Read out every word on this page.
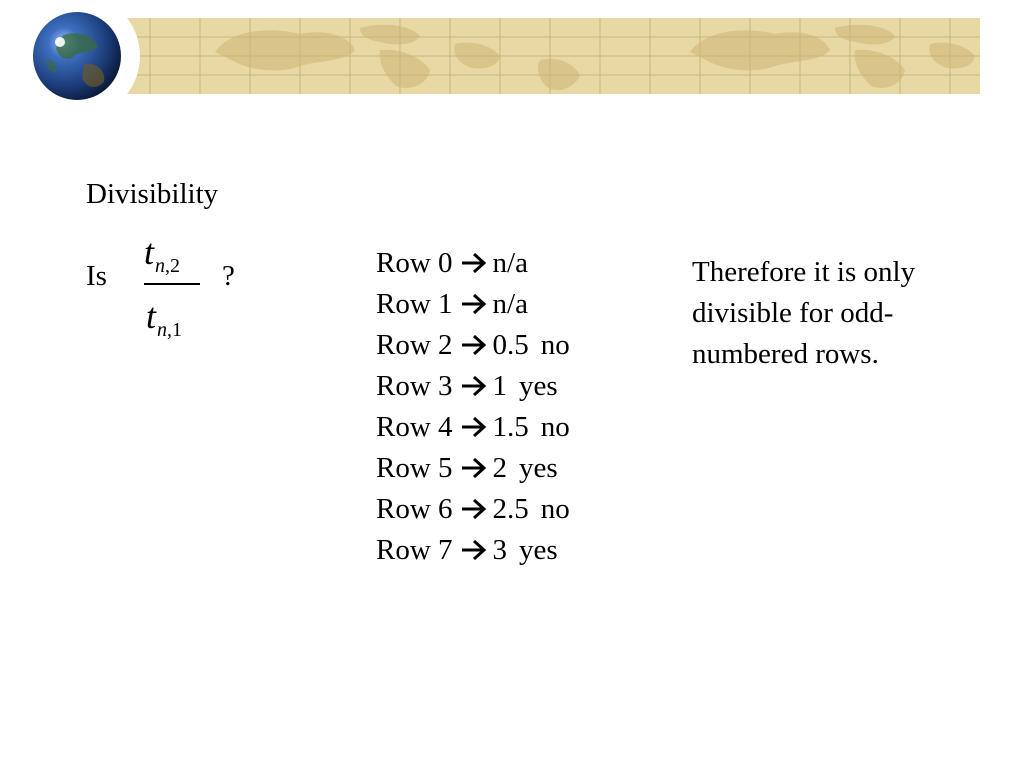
Divisibility
Is
tn,2
tn,1
?	Row 0 n/a
Row 1 n/a
Row 2 0.5 no
Row 3 1 yes
Row 4 1.5 no
Row 5 2 yes
Row 6 2.5 no
Row 7 3 yes
Therefore it is only divisible for odd-numbered rows.
